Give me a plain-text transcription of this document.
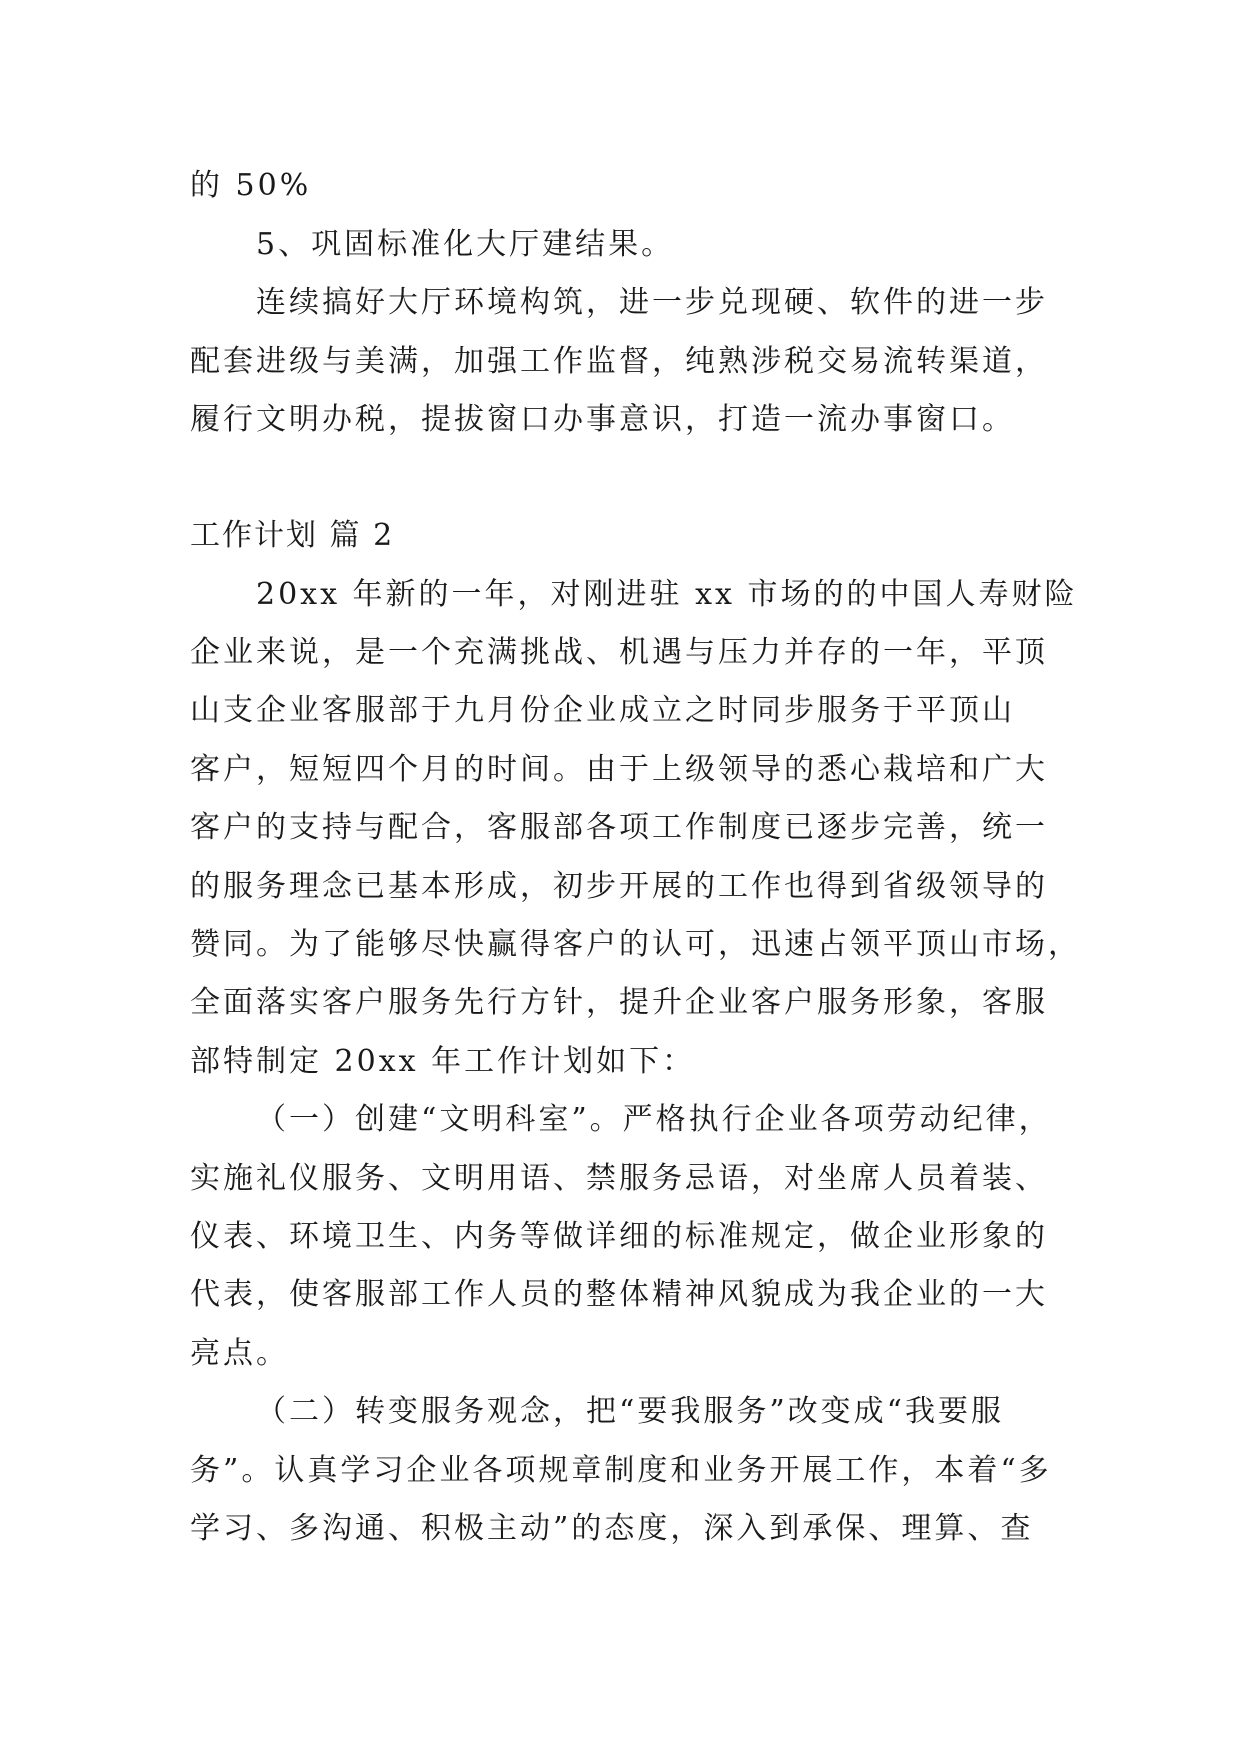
的 50%
5、巩固标准化大厅建结果。
连续搞好大厅环境构筑，进一步兑现硬、软件的进一步
配套进级与美满，加强工作监督，纯熟涉税交易流转渠道，
履行文明办税，提拔窗口办事意识，打造一流办事窗口。
工作计划 篇 2
20xx 年新的一年，对刚进驻 xx 市场的的中国人寿财险
企业来说，是一个充满挑战、机遇与压力并存的一年，平顶
山支企业客服部于九月份企业成立之时同步服务于平顶山
客户，短短四个月的时间。由于上级领导的悉心栽培和广大
客户的支持与配合，客服部各项工作制度已逐步完善，统一
的服务理念已基本形成，初步开展的工作也得到省级领导的
赞同。为了能够尽快赢得客户的认可，迅速占领平顶山市场，
全面落实客户服务先行方针，提升企业客户服务形象，客服
部特制定 20xx 年工作计划如下：
（一）创建“文明科室”。严格执行企业各项劳动纪律，
实施礼仪服务、文明用语、禁服务忌语，对坐席人员着装、
仪表、环境卫生、内务等做详细的标准规定，做企业形象的
代表，使客服部工作人员的整体精神风貌成为我企业的一大
亮点。
（二）转变服务观念，把“要我服务”改变成“我要服
务”。认真学习企业各项规章制度和业务开展工作，本着“多
学习、多沟通、积极主动”的态度，深入到承保、理算、查
